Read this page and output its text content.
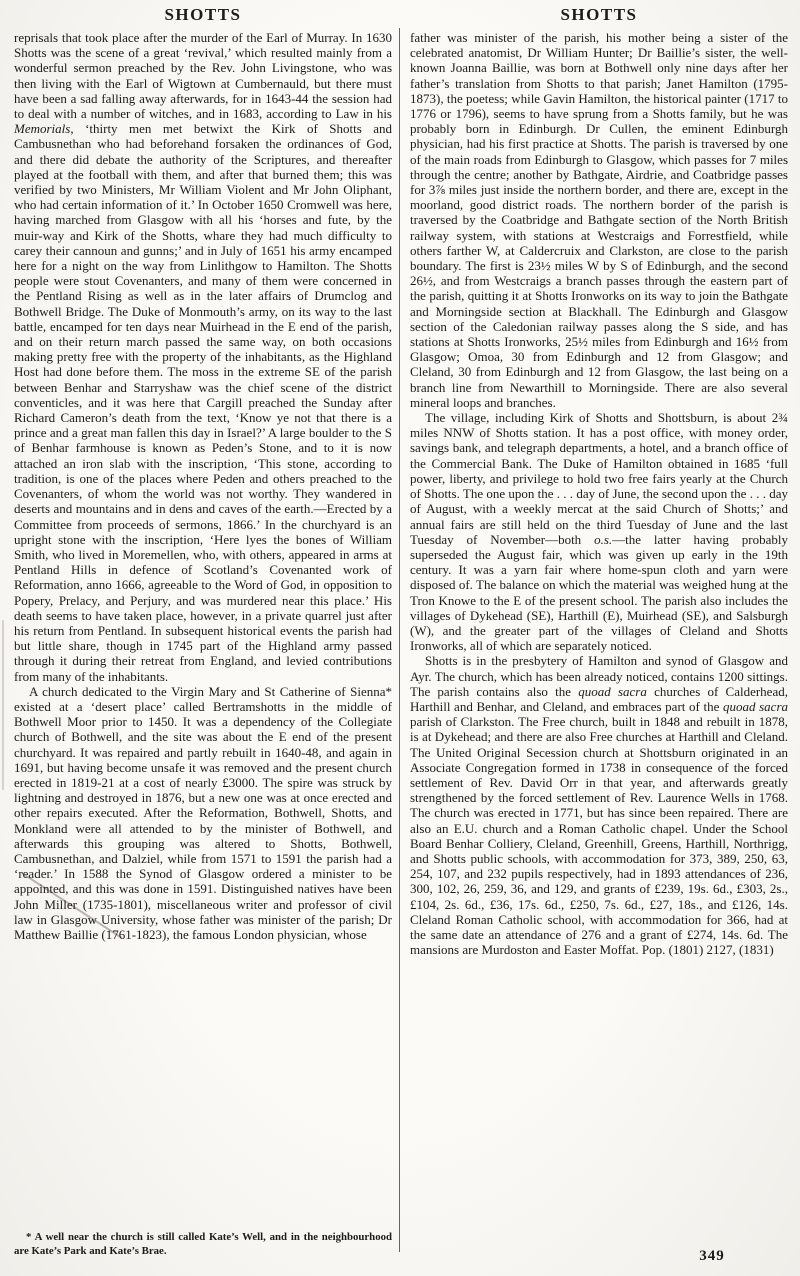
SHOTTS	SHOTTS

reprisals that took place after the murder of the Earl of Murray. In 1630 Shotts was the scene of a great ‘revival,’ which resulted mainly from a wonderful sermon preached by the Rev. John Livingstone, who was then living with the Earl of Wigtown at Cumbernauld, but there must have been a sad falling away afterwards, for in 1643-44 the session had to deal with a number of witches, and in 1683, according to Law in his Memorials, ‘thirty men met betwixt the Kirk of Shotts and Cambusnethan who had beforehand forsaken the ordinances of God, and there did debate the authority of the Scriptures, and thereafter played at the football with them, and after that burned them; this was verified by two Ministers, Mr William Violent and Mr John Oliphant, who had certain information of it.’ In October 1650 Cromwell was here, having marched from Glasgow with all his ‘horses and fute, by the muir-way and Kirk of the Shotts, whare they had much difficulty to carey their cannoun and gunns;’ and in July of 1651 his army encamped here for a night on the way from Linlithgow to Hamilton. The Shotts people were stout Covenanters, and many of them were concerned in the Pentland Rising as well as in the later affairs of Drumclog and Bothwell Bridge. The Duke of Monmouth’s army, on its way to the last battle, encamped for ten days near Muirhead in the E end of the parish, and on their return march passed the same way, on both occasions making pretty free with the property of the inhabitants, as the Highland Host had done before them. The moss in the extreme SE of the parish between Benhar and Starryshaw was the chief scene of the district conventicles, and it was here that Cargill preached the Sunday after Richard Cameron’s death from the text, ‘Know ye not that there is a prince and a great man fallen this day in Israel?’ A large boulder to the S of Benhar farmhouse is known as Peden’s Stone, and to it is now attached an iron slab with the inscription, ‘This stone, according to tradition, is one of the places where Peden and others preached to the Covenanters, of whom the world was not worthy. They wandered in deserts and mountains and in dens and caves of the earth.—Erected by a Committee from proceeds of sermons, 1866.’ In the churchyard is an upright stone with the inscription, ‘Here lyes the bones of William Smith, who lived in Moremellen, who, with others, appeared in arms at Pentland Hills in defence of Scotland’s Covenanted work of Reformation, anno 1666, agreeable to the Word of God, in opposition to Popery, Prelacy, and Perjury, and was murdered near this place.’ His death seems to have taken place, however, in a private quarrel just after his return from Pentland. In subsequent historical events the parish had but little share, though in 1745 part of the Highland army passed through it during their retreat from England, and levied contributions from many of the inhabitants.

A church dedicated to the Virgin Mary and St Catherine of Sienna* existed at a ‘desert place’ called Bertramshotts in the middle of Bothwell Moor prior to 1450. It was a dependency of the Collegiate church of Bothwell, and the site was about the E end of the present churchyard. It was repaired and partly rebuilt in 1640-48, and again in 1691, but having become unsafe it was removed and the present church erected in 1819-21 at a cost of nearly £3000. The spire was struck by lightning and destroyed in 1876, but a new one was at once erected and other repairs executed. After the Reformation, Bothwell, Shotts, and Monkland were all attended to by the minister of Bothwell, and afterwards this grouping was altered to Shotts, Bothwell, Cambusnethan, and Dalziel, while from 1571 to 1591 the parish had a ‘reader.’ In 1588 the Synod of Glasgow ordered a minister to be appointed, and this was done in 1591. Distinguished natives have been John Miller (1735-1801), miscellaneous writer and professor of civil law in Glasgow University, whose father was minister of the parish; Dr Matthew Baillie (1761-1823), the famous London physician, whose

father was minister of the parish, his mother being a sister of the celebrated anatomist, Dr William Hunter; Dr Baillie’s sister, the well-known Joanna Baillie, was born at Bothwell only nine days after her father’s translation from Shotts to that parish; Janet Hamilton (1795-1873), the poetess; while Gavin Hamilton, the historical painter (1717 to 1776 or 1796), seems to have sprung from a Shotts family, but he was probably born in Edinburgh. Dr Cullen, the eminent Edinburgh physician, had his first practice at Shotts. The parish is traversed by one of the main roads from Edinburgh to Glasgow, which passes for 7 miles through the centre; another by Bathgate, Airdrie, and Coatbridge passes for 3⅞ miles just inside the northern border, and there are, except in the moorland, good district roads. The northern border of the parish is traversed by the Coatbridge and Bathgate section of the North British railway system, with stations at Westcraigs and Forrestfield, while others farther W, at Caldercruix and Clarkston, are close to the parish boundary. The first is 23½ miles W by S of Edinburgh, and the second 26½, and from Westcraigs a branch passes through the eastern part of the parish, quitting it at Shotts Ironworks on its way to join the Bathgate and Morningside section at Blackhall. The Edinburgh and Glasgow section of the Caledonian railway passes along the S side, and has stations at Shotts Ironworks, 25½ miles from Edinburgh and 16½ from Glasgow; Omoa, 30 from Edinburgh and 12 from Glasgow; and Cleland, 30 from Edinburgh and 12 from Glasgow, the last being on a branch line from Newarthill to Morningside. There are also several mineral loops and branches.

The village, including Kirk of Shotts and Shottsburn, is about 2¾ miles NNW of Shotts station. It has a post office, with money order, savings bank, and telegraph departments, a hotel, and a branch office of the Commercial Bank. The Duke of Hamilton obtained in 1685 ‘full power, liberty, and privilege to hold two free fairs yearly at the Church of Shotts. The one upon the . . . day of June, the second upon the . . . day of August, with a weekly mercat at the said Church of Shotts;’ and annual fairs are still held on the third Tuesday of June and the last Tuesday of November—both o.s.—the latter having probably superseded the August fair, which was given up early in the 19th century. It was a yarn fair where home-spun cloth and yarn were disposed of. The balance on which the material was weighed hung at the Tron Knowe to the E of the present school. The parish also includes the villages of Dykehead (SE), Harthill (E), Muirhead (SE), and Salsburgh (W), and the greater part of the villages of Cleland and Shotts Ironworks, all of which are separately noticed.

Shotts is in the presbytery of Hamilton and synod of Glasgow and Ayr. The church, which has been already noticed, contains 1200 sittings. The parish contains also the quoad sacra churches of Calderhead, Harthill and Benhar, and Cleland, and embraces part of the quoad sacra parish of Clarkston. The Free church, built in 1848 and rebuilt in 1878, is at Dykehead; and there are also Free churches at Harthill and Cleland. The United Original Secession church at Shottsburn originated in an Associate Congregation formed in 1738 in consequence of the forced settlement of Rev. David Orr in that year, and afterwards greatly strengthened by the forced settlement of Rev. Laurence Wells in 1768. The church was erected in 1771, but has since been repaired. There are also an E.U. church and a Roman Catholic chapel. Under the School Board Benhar Colliery, Cleland, Greenhill, Greens, Harthill, Northrigg, and Shotts public schools, with accommodation for 373, 389, 250, 63, 254, 107, and 232 pupils respectively, had in 1893 attendances of 236, 300, 102, 26, 259, 36, and 129, and grants of £239, 19s. 6d., £303, 2s., £104, 2s. 6d., £36, 17s. 6d., £250, 7s. 6d., £27, 18s., and £126, 14s. Cleland Roman Catholic school, with accommodation for 366, had at the same date an attendance of 276 and a grant of £274, 14s. 6d. The mansions are Murdoston and Easter Moffat. Pop. (1801) 2127, (1831)

* A well near the church is still called Kate’s Well, and in the neighbourhood are Kate’s Park and Kate’s Brae.	349
